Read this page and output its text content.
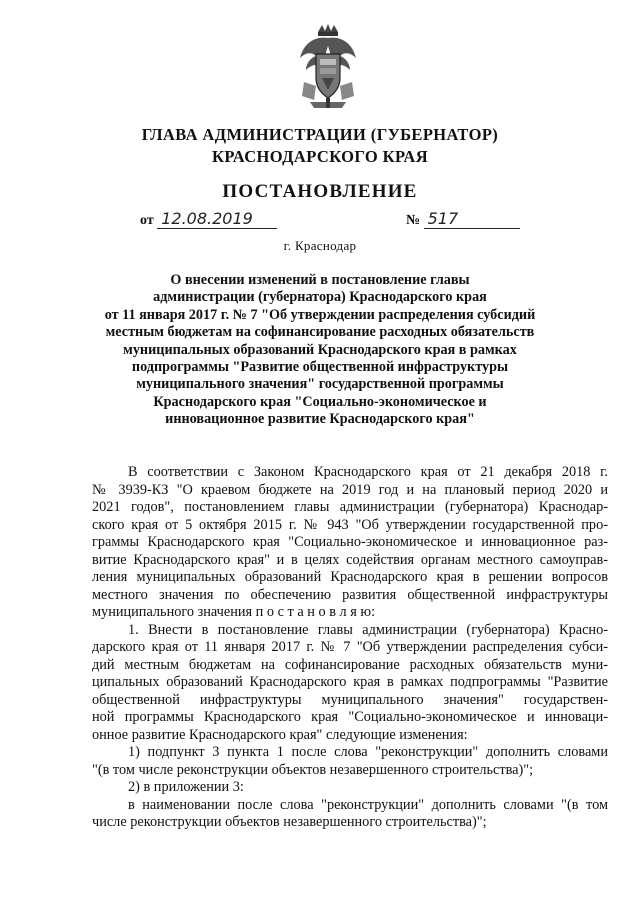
ГЛАВА АДМИНИСТРАЦИИ (ГУБЕРНАТОР)
КРАСНОДАРСКОГО КРАЯ
ПОСТАНОВЛЕНИЕ
от 12.08.2019	№ 517
г. Краснодар
О внесении изменений в постановление главы
администрации (губернатора) Краснодарского края
от 11 января 2017 г. № 7 "Об утверждении распределения субсидий
местным бюджетам на софинансирование расходных обязательств
муниципальных образований Краснодарского края в рамках
подпрограммы "Развитие общественной инфраструктуры
муниципального значения" государственной программы
Краснодарского края "Социально-экономическое и
инновационное развитие Краснодарского края"
В соответствии с Законом Краснодарского края от 21 декабря 2018 г.
№ 3939-КЗ "О краевом бюджете на 2019 год и на плановый период 2020 и
2021 годов", постановлением главы администрации (губернатора) Краснодар-
ского края от 5 октября 2015 г. № 943 "Об утверждении государственной про-
граммы Краснодарского края "Социально-экономическое и инновационное раз-
витие Краснодарского края" и в целях содействия органам местного самоуправ-
ления муниципальных образований Краснодарского края в решении вопросов
местного значения по обеспечению развития общественной инфраструктуры
муниципального значения п о с т а н о в л я ю:
1. Внести в постановление главы администрации (губернатора) Красно-
дарского края от 11 января 2017 г. № 7 "Об утверждении распределения субси-
дий местным бюджетам на софинансирование расходных обязательств муни-
ципальных образований Краснодарского края в рамках подпрограммы "Развитие
общественной инфраструктуры муниципального значения" государствен-
ной программы Краснодарского края "Социально-экономическое и инноваци-
онное развитие Краснодарского края" следующие изменения:
1) подпункт 3 пункта 1 после слова "реконструкции" дополнить словами
"(в том числе реконструкции объектов незавершенного строительства)";
2) в приложении 3:
в наименовании после слова "реконструкции" дополнить словами "(в том
числе реконструкции объектов незавершенного строительства)";
